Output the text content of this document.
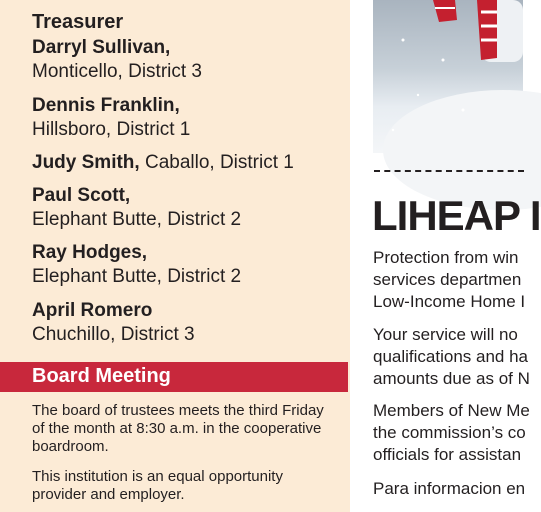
Treasurer
Darryl Sullivan,
Monticello, District 3
Dennis Franklin,
Hillsboro, District 1
Judy Smith, Caballo, District 1
Paul Scott,
Elephant Butte, District 2
Ray Hodges,
Elephant Butte, District 2
April Romero
Chuchillo, District 3
Board Meeting
The board of trustees meets the third Friday of the month at 8:30 a.m. in the cooperative boardroom.
This institution is an equal opportunity provider and employer.
LIHEAP I
Protection from win
services departmen
Low-Income Home I
Your service will no
qualifications and ha
amounts due as of N
Members of New Me
the commission’s co
officials for assistan
Para informacion en
